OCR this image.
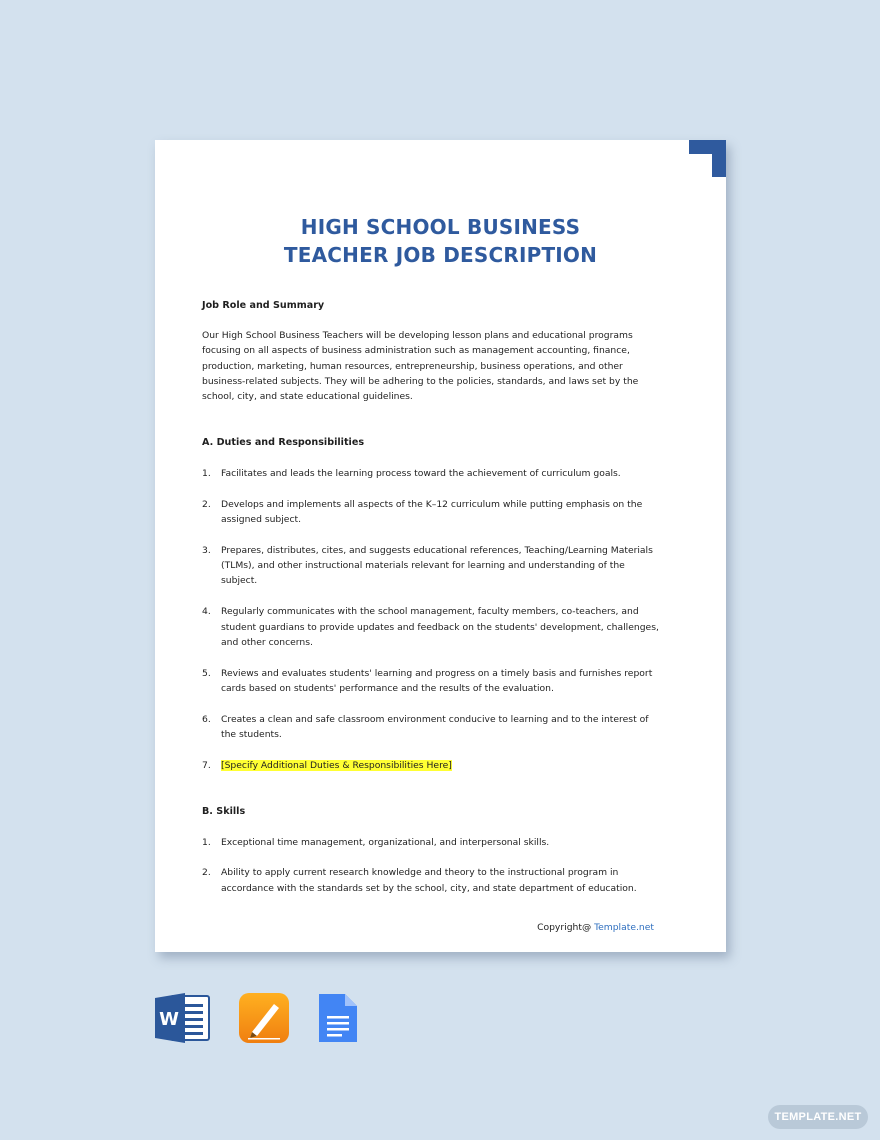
HIGH SCHOOL BUSINESS
TEACHER JOB DESCRIPTION
Job Role and Summary
Our High School Business Teachers will be developing lesson plans and educational programs focusing on all aspects of business administration such as management accounting, finance, production, marketing, human resources, entrepreneurship, business operations, and other business-related subjects. They will be adhering to the policies, standards, and laws set by the school, city, and state educational guidelines.
A. Duties and Responsibilities
1.	Facilitates and leads the learning process toward the achievement of curriculum goals.
2.	Develops and implements all aspects of the K–12 curriculum while putting emphasis on the assigned subject.
3.	Prepares, distributes, cites, and suggests educational references, Teaching/Learning Materials (TLMs), and other instructional materials relevant for learning and understanding of the subject.
4.	Regularly communicates with the school management, faculty members, co-teachers, and student guardians to provide updates and feedback on the students' development, challenges, and other concerns.
5.	Reviews and evaluates students' learning and progress on a timely basis and furnishes report cards based on students' performance and the results of the evaluation.
6.	Creates a clean and safe classroom environment conducive to learning and to the interest of the students.
7.	[Specify Additional Duties & Responsibilities Here]
B. Skills
1.	Exceptional time management, organizational, and interpersonal skills.
2.	Ability to apply current research knowledge and theory to the instructional program in accordance with the standards set by the school, city, and state department of education.
Copyright@ Template.net
W
TEMPLATE.NET
